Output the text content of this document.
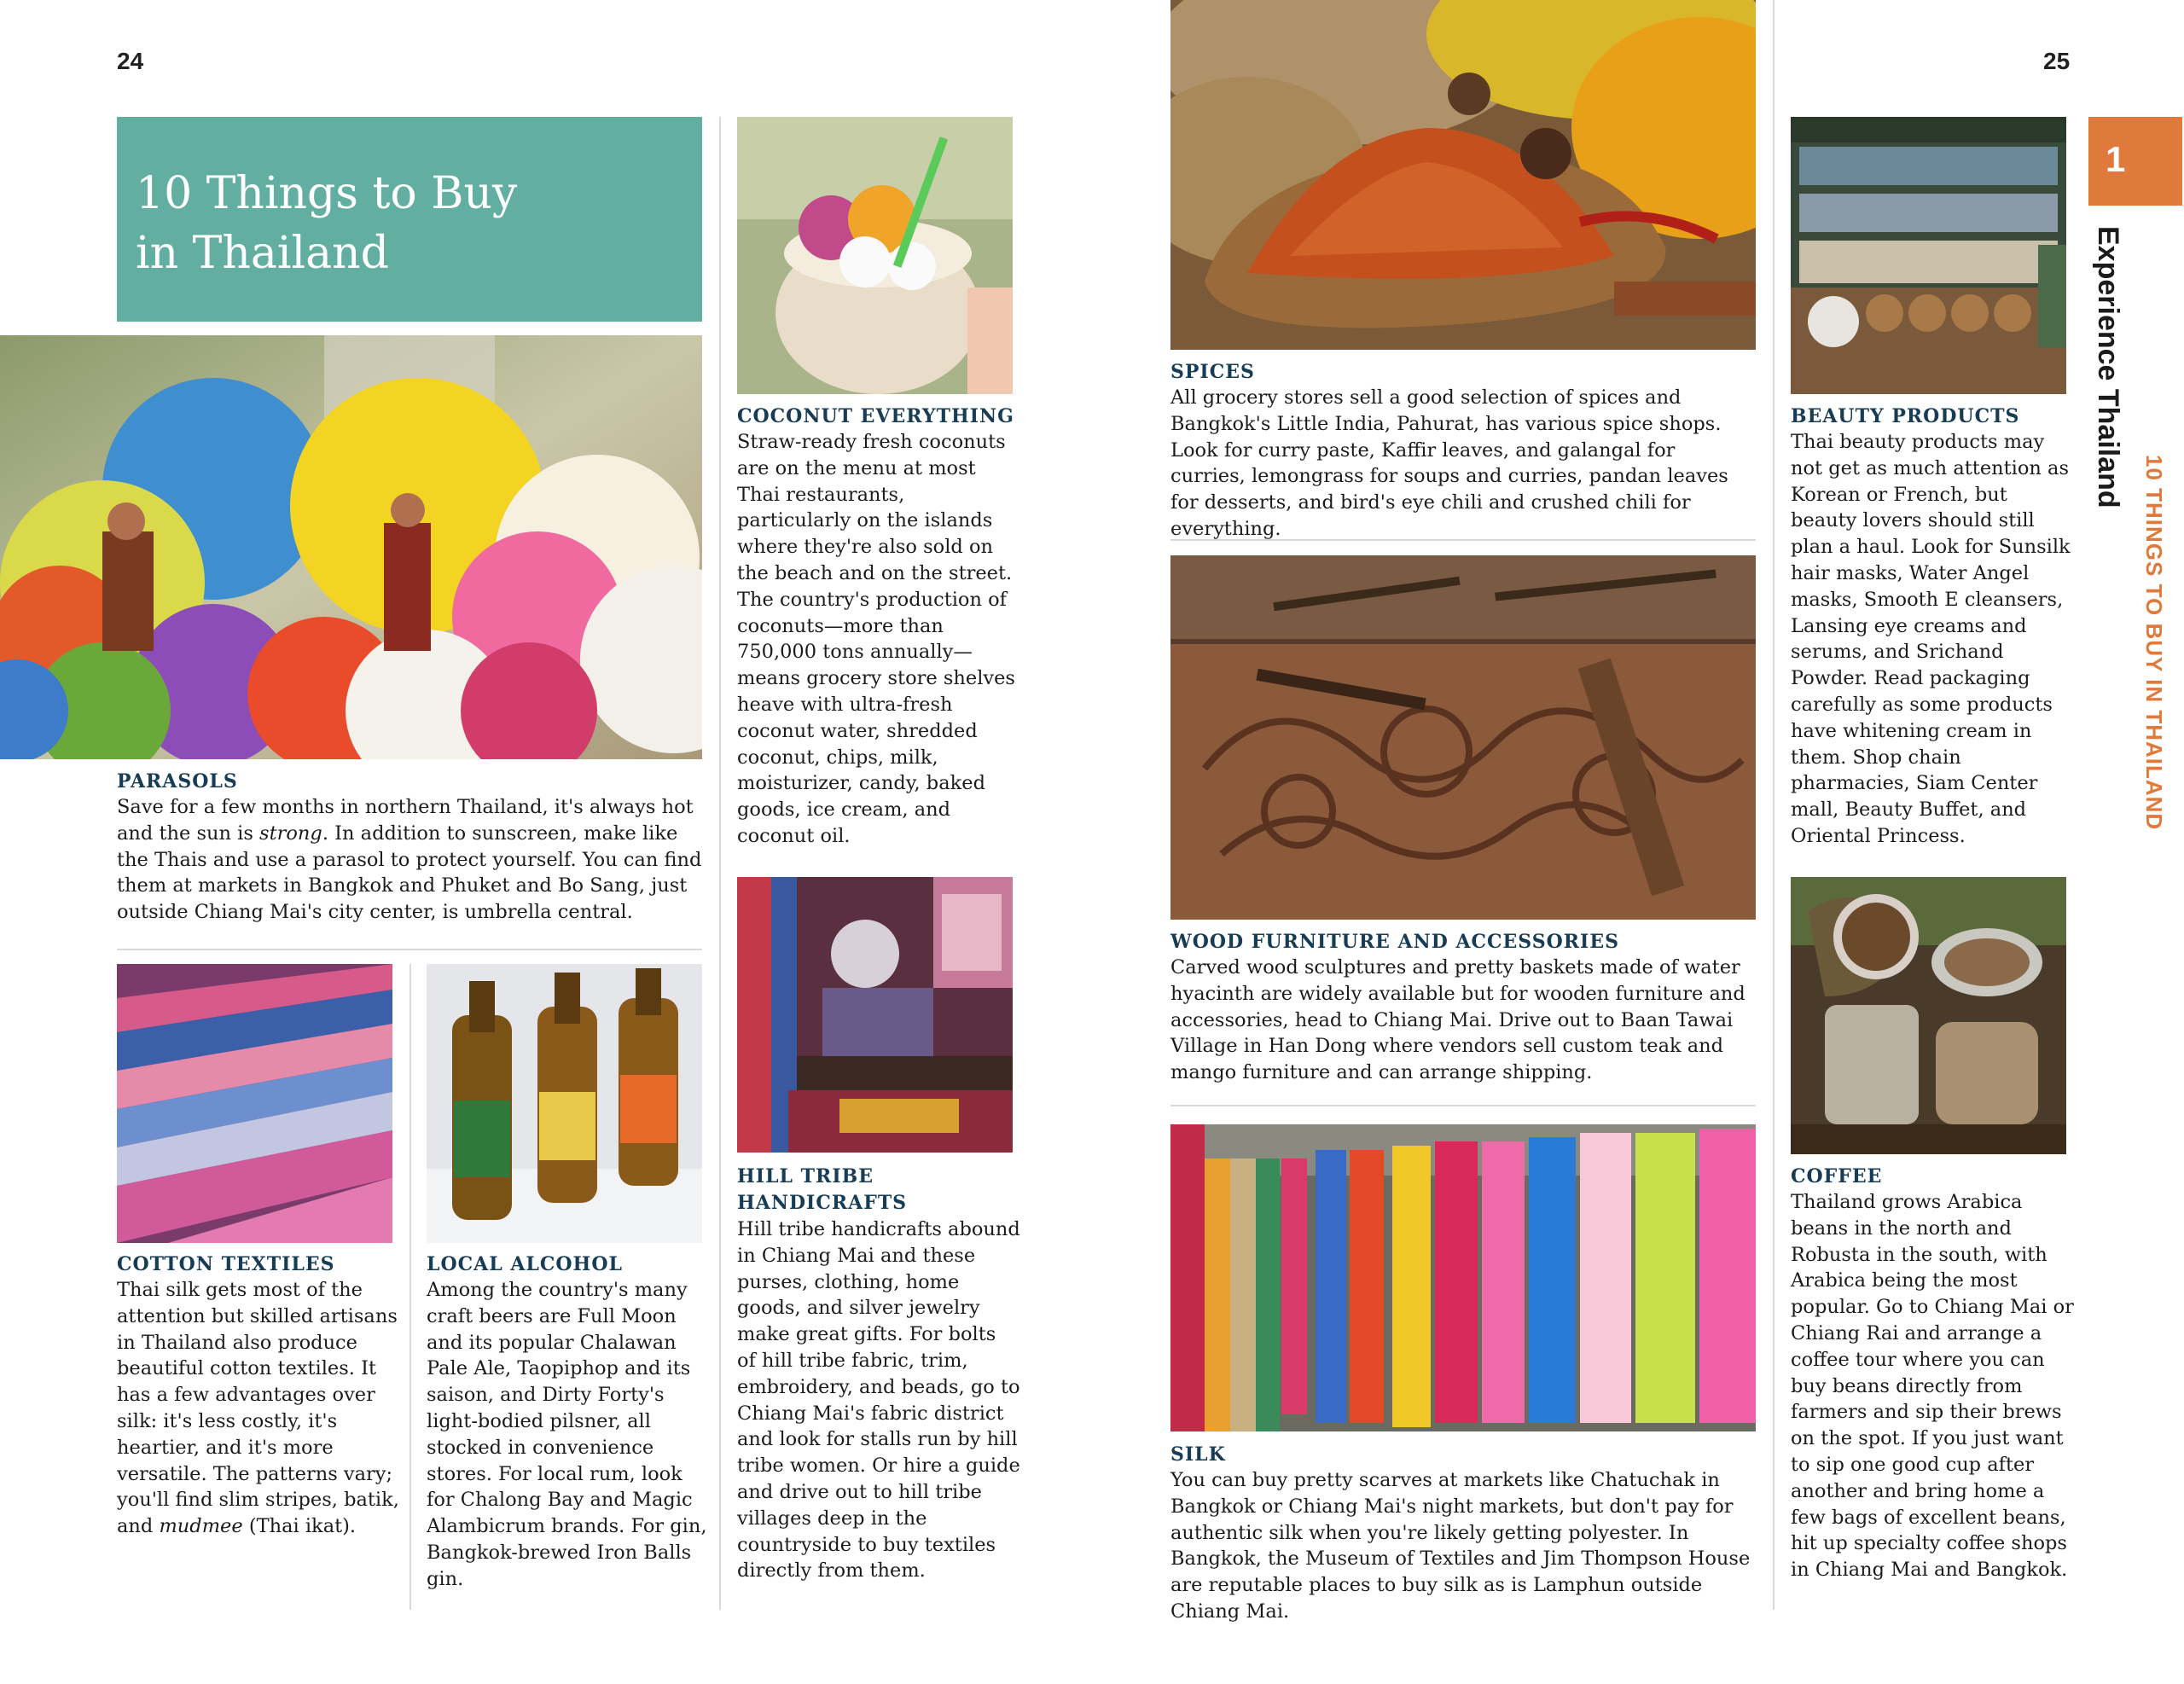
24	25
10 Things to Buy
in Thailand
PARASOLS
Save for a few months in northern Thailand, it's always hot and the sun is strong. In addition to sunscreen, make like the Thais and use a parasol to protect yourself. You can find them at markets in Bangkok and Phuket and Bo Sang, just outside Chiang Mai's city center, is umbrella central.
COTTON TEXTILES
Thai silk gets most of the attention but skilled artisans in Thailand also produce beautiful cotton textiles. It has a few advantages over silk: it's less costly, it's heartier, and it's more versatile. The patterns vary; you'll find slim stripes, batik, and mudmee (Thai ikat).
LOCAL ALCOHOL
Among the country's many craft beers are Full Moon and its popular Chalawan Pale Ale, Taopiphop and its saison, and Dirty Forty's light-bodied pilsner, all stocked in convenience stores. For local rum, look for Chalong Bay and Magic Alambicrum brands. For gin, Bangkok-brewed Iron Balls gin.
COCONUT EVERYTHING
Straw-ready fresh coconuts are on the menu at most Thai restaurants, particularly on the islands where they're also sold on the beach and on the street. The country's production of coconuts—more than 750,000 tons annually—means grocery store shelves heave with ultra-fresh coconut water, shredded coconut, chips, milk, moisturizer, candy, baked goods, ice cream, and coconut oil.
HILL TRIBE
HANDICRAFTS
Hill tribe handicrafts abound in Chiang Mai and these purses, clothing, home goods, and silver jewelry make great gifts. For bolts of hill tribe fabric, trim, embroidery, and beads, go to Chiang Mai's fabric district and look for stalls run by hill tribe women. Or hire a guide and drive out to hill tribe villages deep in the countryside to buy textiles directly from them.
SPICES
All grocery stores sell a good selection of spices and Bangkok's Little India, Pahurat, has various spice shops. Look for curry paste, Kaffir leaves, and galangal for curries, lemongrass for soups and curries, pandan leaves for desserts, and bird's eye chili and crushed chili for everything.
WOOD FURNITURE AND ACCESSORIES
Carved wood sculptures and pretty baskets made of water hyacinth are widely available but for wooden furniture and accessories, head to Chiang Mai. Drive out to Baan Tawai Village in Han Dong where vendors sell custom teak and mango furniture and can arrange shipping.
SILK
You can buy pretty scarves at markets like Chatuchak in Bangkok or Chiang Mai's night markets, but don't pay for authentic silk when you're likely getting polyester. In Bangkok, the Museum of Textiles and Jim Thompson House are reputable places to buy silk as is Lamphun outside Chiang Mai.
BEAUTY PRODUCTS
Thai beauty products may not get as much attention as Korean or French, but beauty lovers should still plan a haul. Look for Sunsilk hair masks, Water Angel masks, Smooth E cleansers, Lansing eye creams and serums, and Srichand Powder. Read packaging carefully as some products have whitening cream in them. Shop chain pharmacies, Siam Center mall, Beauty Buffet, and Oriental Princess.
COFFEE
Thailand grows Arabica beans in the north and Robusta in the south, with Arabica being the most popular. Go to Chiang Mai or Chiang Rai and arrange a coffee tour where you can buy beans directly from farmers and sip their brews on the spot. If you just want to sip one good cup after another and bring home a few bags of excellent beans, hit up specialty coffee shops in Chiang Mai and Bangkok.
1
Experience Thailand
10 THINGS TO BUY IN THAILAND
